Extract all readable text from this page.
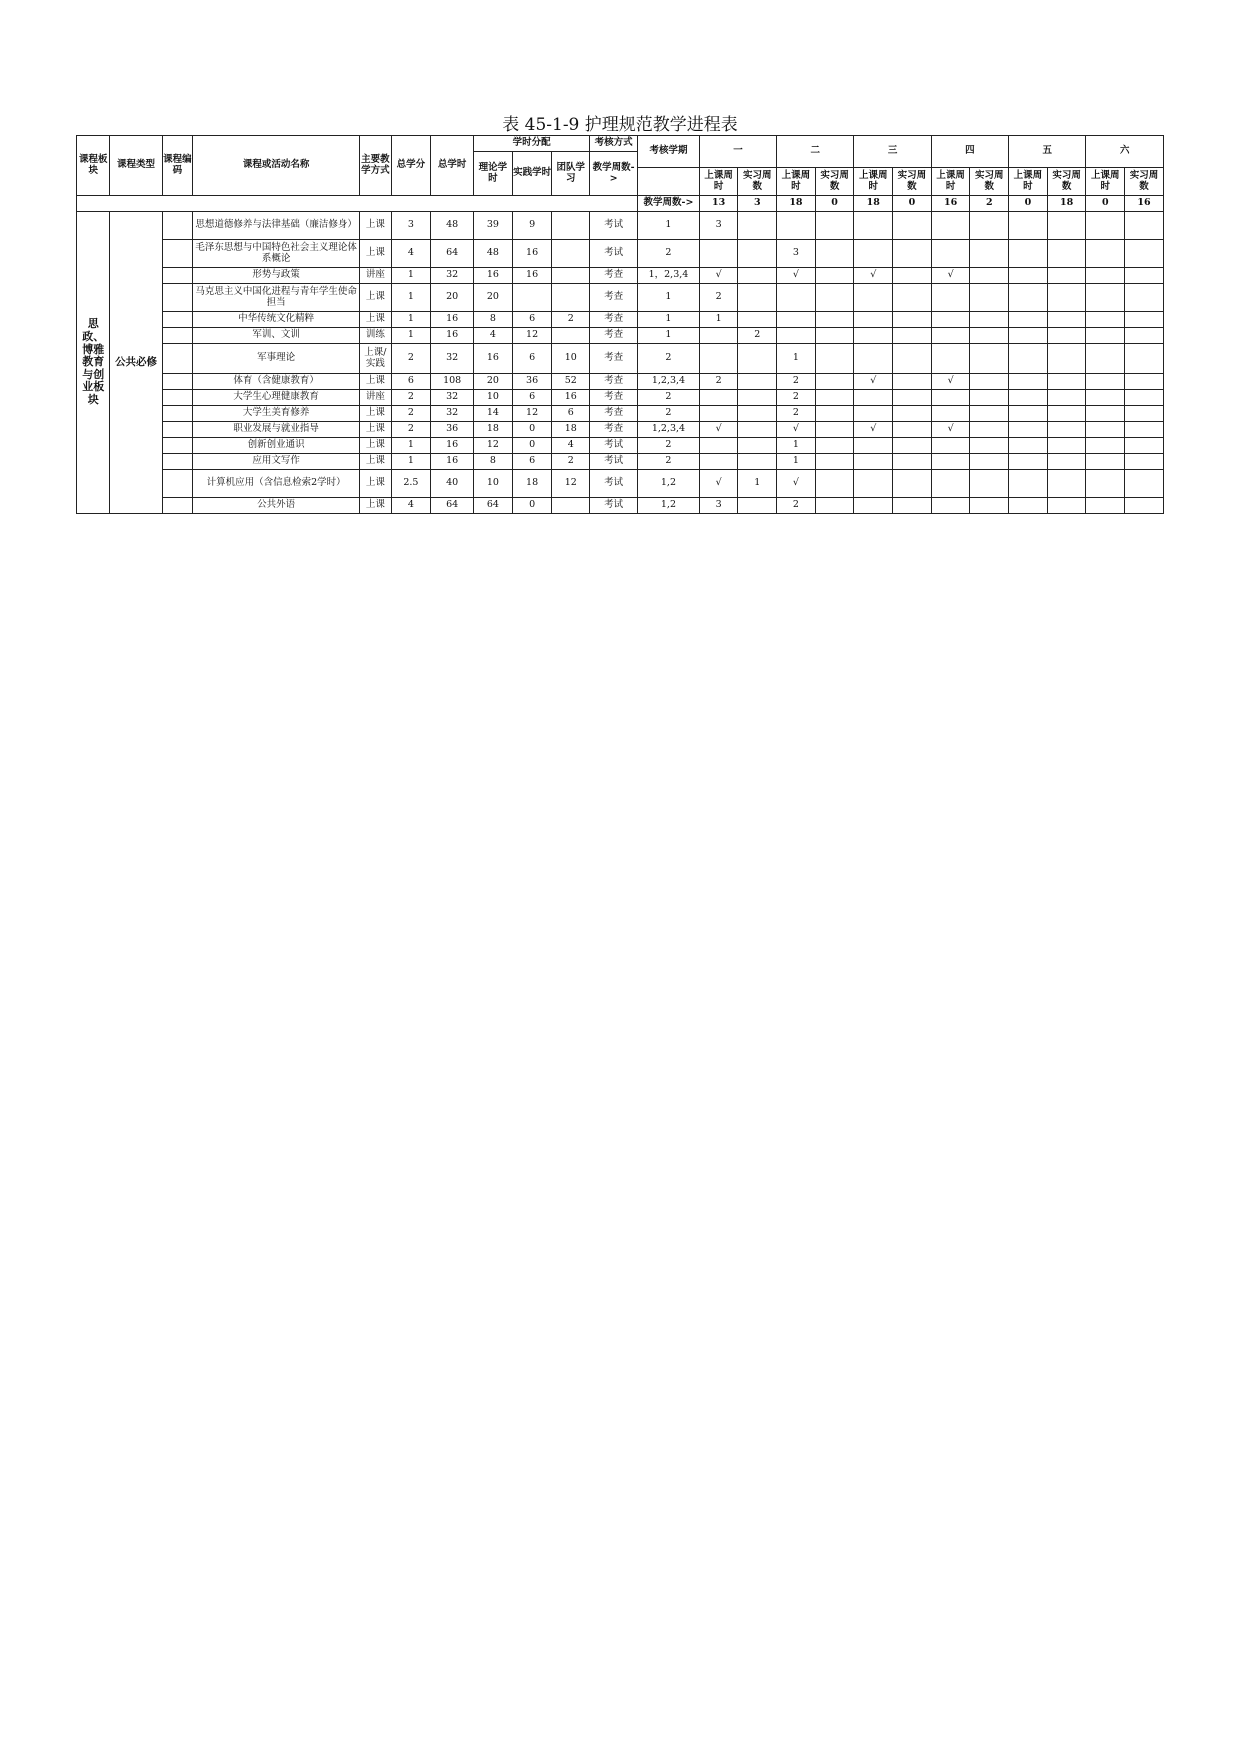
表 45-1-9 护理规范教学进程表
课程板块	课程类型	课程编码	课程或活动名称	主要教学方式	总学分	总学时	学时分配			考核方式	考核学期	一		二		三		四		五		六	
							理论学时	实践学时	团队学习	教学周数->													
												上课周时	实习周数	上课周时	实习周数	上课周时	实习周数	上课周时	实习周数	上课周时	实习周数	上课周时	实习周数
											教学周数->	13	3	18	0	18	0	16	2	0	18	0	16
思政、博雅教育与创业板块	公共必修		思想道德修养与法律基础（廉洁修身）	上课	3	48	39	9		考试	1	3											
			毛泽东思想与中国特色社会主义理论体系概论	上课	4	64	48	16		考试	2			3									
			形势与政策	讲座	1	32	16	16		考查	1，2,3,4	√		√		√		√					
			马克思主义中国化进程与青年学生使命担当	上课	1	20	20			考查	1	2											
			中华传统文化精粹	上课	1	16	8	6	2	考查	1	1											
			军训、文训	训练	1	16	4	12		考查	1		2										
			军事理论	上课/实践	2	32	16	6	10	考查	2			1									
			体育（含健康教育）	上课	6	108	20	36	52	考查	1,2,3,4	2		2		√		√					
			大学生心理健康教育	讲座	2	32	10	6	16	考查	2			2									
			大学生美育修养	上课	2	32	14	12	6	考查	2			2									
			职业发展与就业指导	上课	2	36	18	0	18	考查	1,2,3,4	√		√		√		√					
			创新创业通识	上课	1	16	12	0	4	考试	2			1									
			应用文写作	上课	1	16	8	6	2	考试	2			1									
			计算机应用（含信息检索2学时）	上课	2.5	40	10	18	12	考试	1,2	√	1	√									
			公共外语	上课	4	64	64	0		考试	1,2	3		2									
